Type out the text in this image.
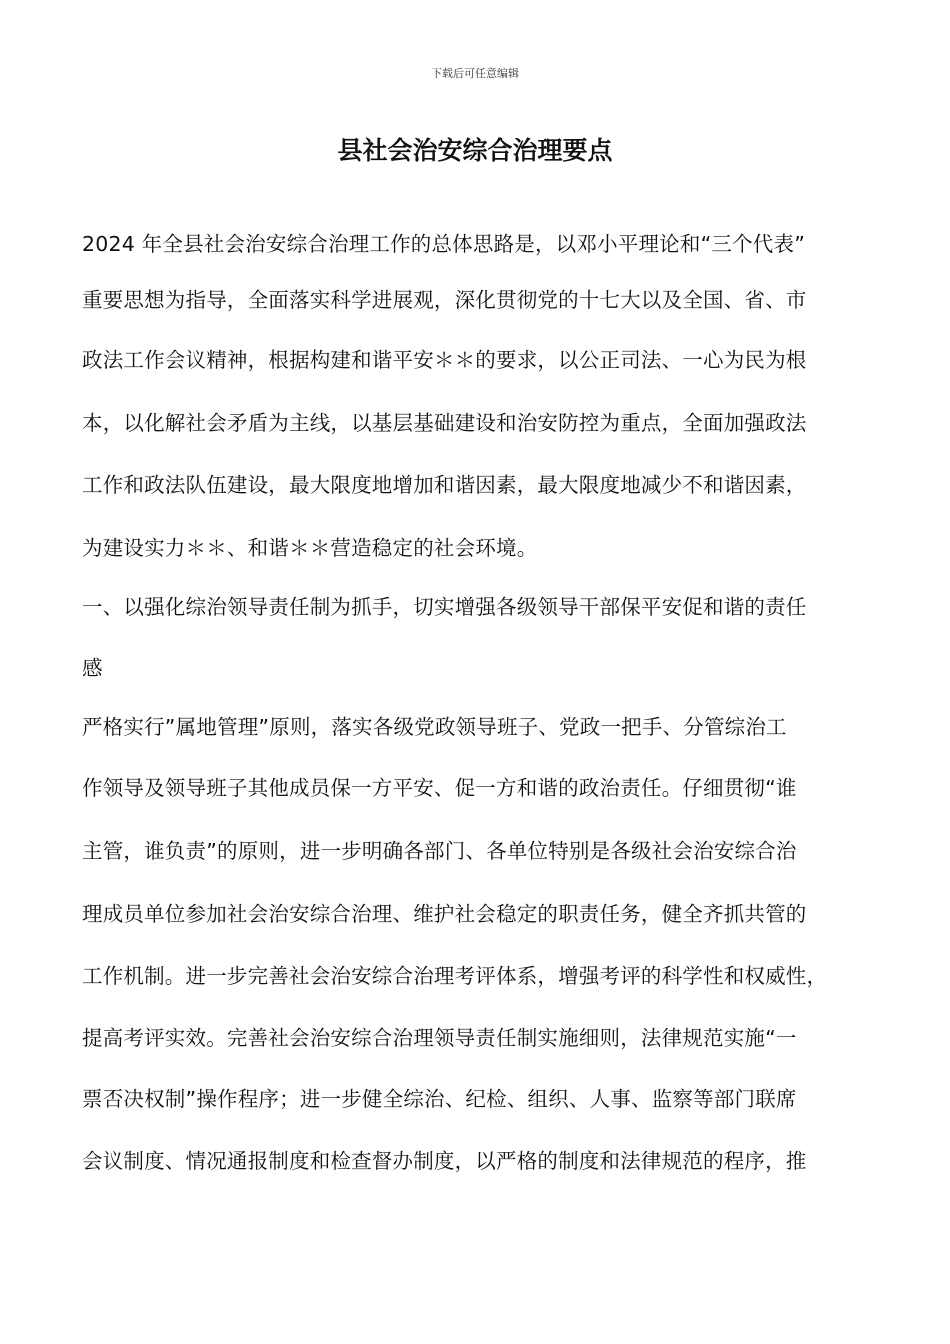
下载后可任意编辑
县社会治安综合治理要点
2024 年全县社会治安综合治理工作的总体思路是，以邓小平理论和“三个代表”
重要思想为指导，全面落实科学进展观，深化贯彻党的十七大以及全国、省、市
政法工作会议精神，根据构建和谐平安＊＊的要求，以公正司法、一心为民为根
本，以化解社会矛盾为主线，以基层基础建设和治安防控为重点，全面加强政法
工作和政法队伍建设，最大限度地增加和谐因素，最大限度地减少不和谐因素，
为建设实力＊＊、和谐＊＊营造稳定的社会环境。
一、以强化综治领导责任制为抓手，切实增强各级领导干部保平安促和谐的责任
感
严格实行”属地管理”原则，落实各级党政领导班子、党政一把手、分管综治工
作领导及领导班子其他成员保一方平安、促一方和谐的政治责任。仔细贯彻“谁
主管，谁负责”的原则，进一步明确各部门、各单位特别是各级社会治安综合治
理成员单位参加社会治安综合治理、维护社会稳定的职责任务，健全齐抓共管的
工作机制。进一步完善社会治安综合治理考评体系，增强考评的科学性和权威性，
提高考评实效。完善社会治安综合治理领导责任制实施细则，法律规范实施“一
票否决权制”操作程序；进一步健全综治、纪检、组织、人事、监察等部门联席
会议制度、情况通报制度和检查督办制度，以严格的制度和法律规范的程序，推
